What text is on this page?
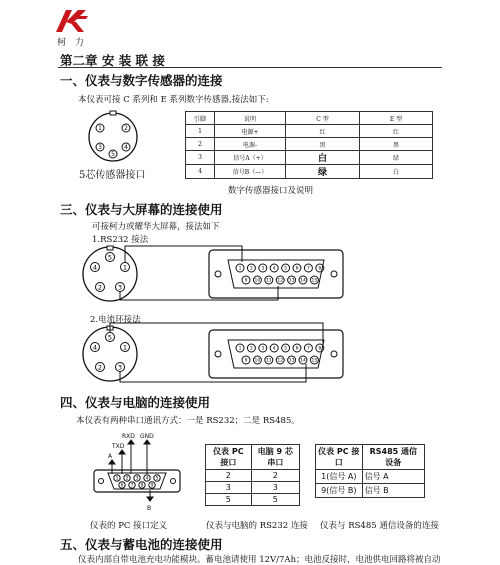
柯 力
第二章 安 装 联 接
一、仪表与数字传感器的连接
本仪表可接 C 系列和 E 系列数字传感器,接法如下:
1	2
3	4
5
5芯传感器接口
引脚	说明	C 型	E 型
1	电源+	红	红
2	电源-	黑	黑
3	信号A（+）	白	绿
4	信号B（—）	绿	白
数字传感器接口及说明
三、仪表与大屏幕的连接使用
可接柯力或耀华大屏幕，接法如下
1.RS232 接法
4	1
5
2 3
1 2 3 4 5 6 7 8
9 10 11 12 13 14 15
2.电流环接法
4	1
5
2 3
1 2 3 4 5 6 7 8
9 10 11 12 13 14 15
四、仪表与电脑的连接使用
本仪表有两种串口通讯方式：一是 RS232；二是 RS485。
RXD GND
TXD
A
B
1 2 3 4 5
6 7 8 9
仪表 PC 接口	电脑 9 芯 串口
2	2
3	3
5	5
仪表 PC 接口	RS485 通信 设备
1(信号 A)	信号 A
9(信号 B)	信号 B
仪表的 PC 接口定义	仪表与电脑的 RS232 连接 仪表与 RS485 通信设备的连接
五、仪表与蓄电池的连接使用
仪表内部自带电池充电功能模块。蓄电池请使用 12V/7Ah；电池反接时，电池供电回路将被自动
